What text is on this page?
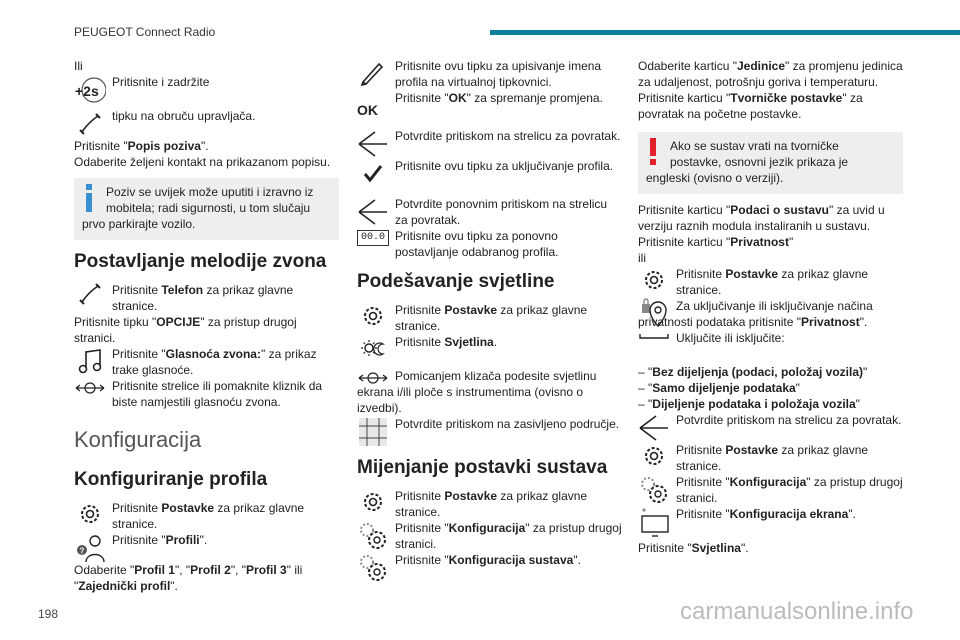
PEUGEOT Connect Radio
198	carmanualsonline.info

Ili

+2s

Pritisnite i zadržite

tipku na obruču upravljača.

Pritisnite "Popis poziva".

Odaberite željeni kontakt na prikazanom popisu.

Poziv se uvijek može uputiti i izravno iz
mobitela; radi sigurnosti, u tom slučaju prvo parkirajte vozilo.
Postavljanje melodije zvona

Pritisnite Telefon za prikaz glavne stranice.

Pritisnite tipku "OPCIJE" za pristup drugoj stranici.

Pritisnite "Glasnoća zvona:" za prikaz trake glasnoće.

Pritisnite strelice ili pomaknite kliznik da biste namjestili glasnoću zvona.

Konfiguracija
Konfiguriranje profila

Pritisnite Postavke za prikaz glavne stranice.

?

Pritisnite "Profili".

Odaberite "Profil 1", "Profil 2", "Profil 3" ili "Zajednički profil".

Pritisnite ovu tipku za upisivanje imena profila na virtualnoj tipkovnici.

OK

Pritisnite "OK" za spremanje promjena.

Potvrdite pritiskom na strelicu za povratak.

Pritisnite ovu tipku za uključivanje profila.

Potvrdite ponovnim pritiskom na strelicu za povratak.

00.0 Pritisnite ovu tipku za ponovno postavljanje odabranog profila.

Podešavanje svjetline

Pritisnite Postavke za prikaz glavne stranice.

Pritisnite Svjetlina.

Pomicanjem klizača podesite svjetlinu ekrana i/ili ploče s instrumentima (ovisno o izvedbi).

Potvrdite pritiskom na zasivljeno područje.

Mijenjanje postavki sustava

Pritisnite Postavke za prikaz glavne stranice.

Pritisnite "Konfiguracija" za pristup drugoj stranici.

Pritisnite "Konfiguracija sustava".

Odaberite karticu "Jedinice" za promjenu jedinica za udaljenost, potrošnju goriva i temperaturu.

Pritisnite karticu "Tvorničke postavke" za povratak na početne postavke.

Ako se sustav vrati na tvorničke
postavke, osnovni jezik prikaza je engleski (ovisno o verziji).

Pritisnite karticu "Podaci o sustavu" za uvid u verziju raznih modula instaliranih u sustavu.

Pritisnite karticu "Privatnost"

ili

Pritisnite Postavke za prikaz glavne stranice.

Za uključivanje ili isključivanje načina privatnosti podataka pritisnite "Privatnost".

Uključite ili isključite:

– "Bez dijeljenja (podaci, položaj vozila)"

– "Samo dijeljenje podataka"

– "Dijeljenje podataka i položaja vozila"

Potvrdite pritiskom na strelicu za povratak.

Pritisnite Postavke za prikaz glavne stranice.

Pritisnite "Konfiguracija" za pristup drugoj stranici.

Pritisnite "Konfiguracija ekrana".

Pritisnite "Svjetlina".
